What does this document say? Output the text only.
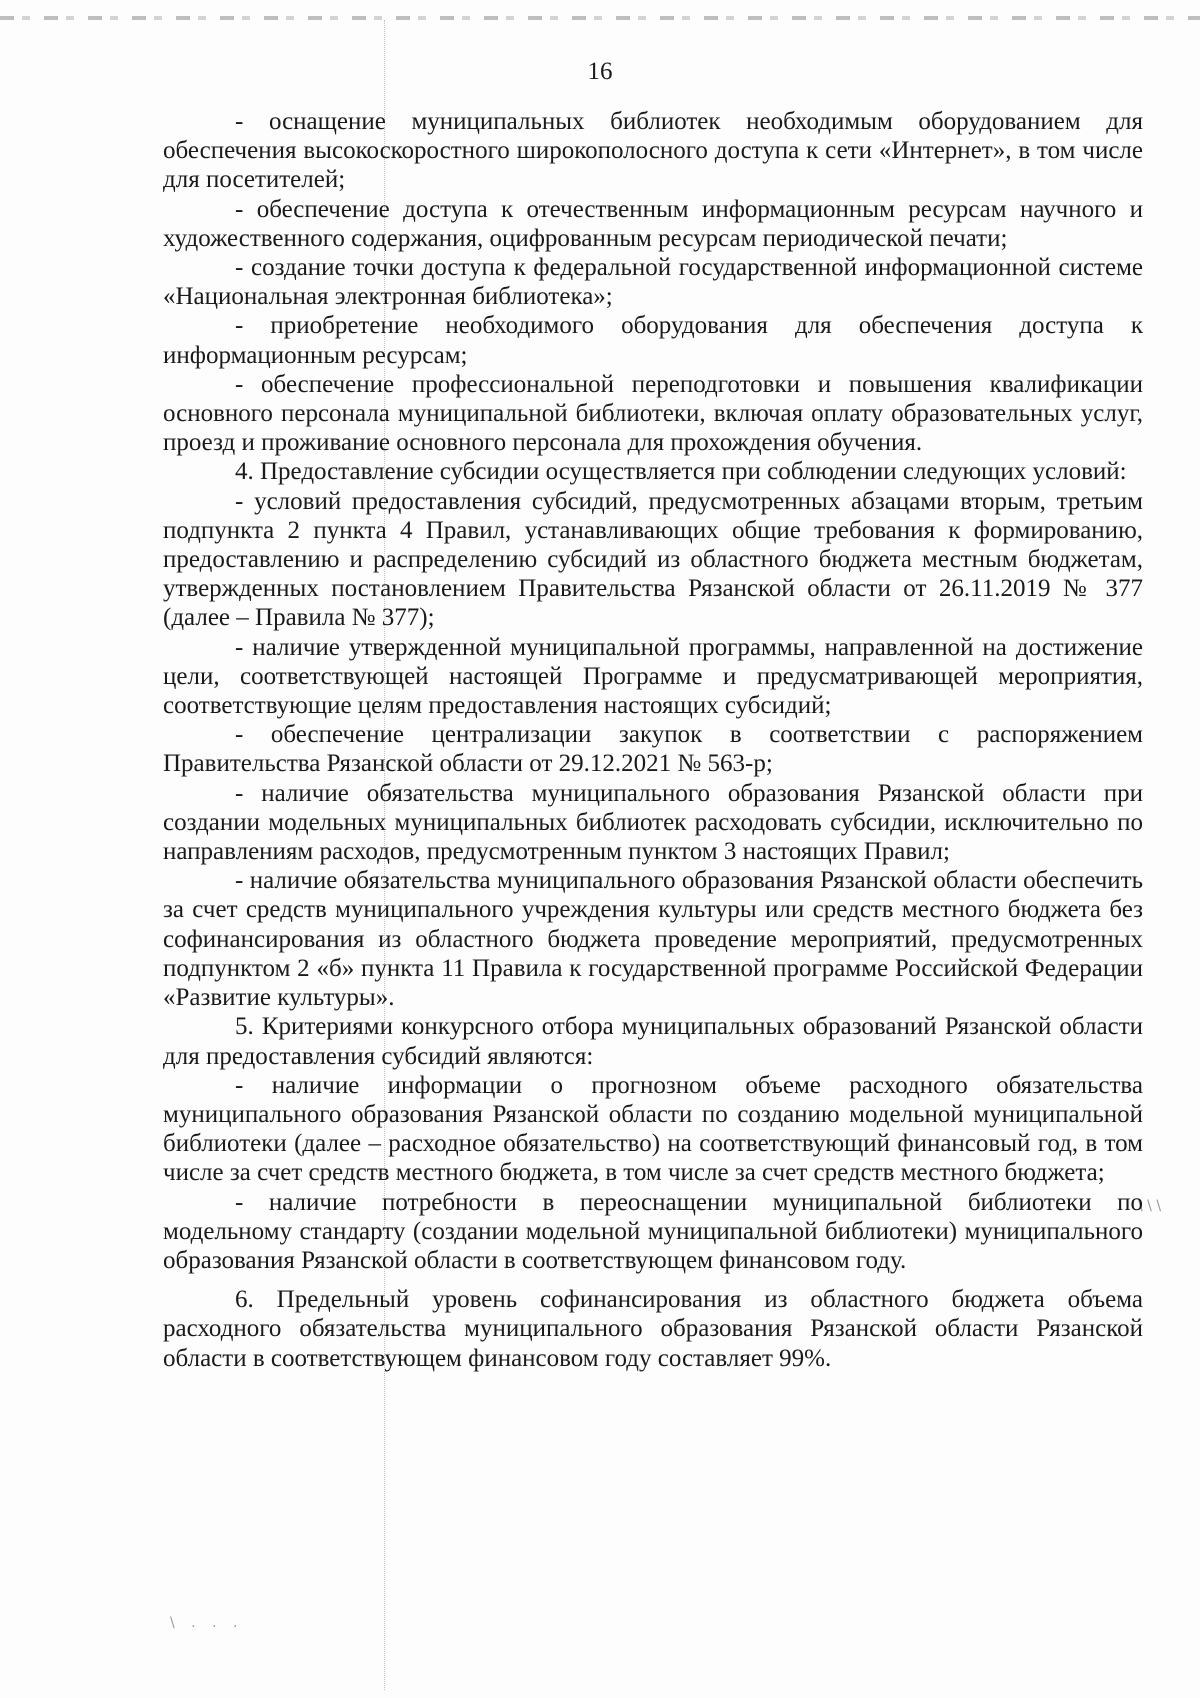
\ . . .
\ \ \
16

- оснащение муниципальных библиотек необходимым оборудованием для обеспечения высокоскоростного широкополосного доступа к сети «Интернет», в том числе для посетителей;

- обеспечение доступа к отечественным информационным ресурсам научного и художественного содержания, оцифрованным ресурсам периодической печати;

- создание точки доступа к федеральной государственной информационной системе «Национальная электронная библиотека»;

- приобретение необходимого оборудования для обеспечения доступа к информационным ресурсам;

- обеспечение профессиональной переподготовки и повышения квалификации основного персонала муниципальной библиотеки, включая оплату образовательных услуг, проезд и проживание основного персонала для прохождения обучения.

4. Предоставление субсидии осуществляется при соблюдении следующих условий:

- условий предоставления субсидий, предусмотренных абзацами вторым, третьим подпункта 2 пункта 4 Правил, устанавливающих общие требования к формированию, предоставлению и распределению субсидий из областного бюджета местным бюджетам, утвержденных постановлением Правительства Рязанской области от 26.11.2019 № 377 (далее – Правила № 377);

- наличие утвержденной муниципальной программы, направленной на достижение цели, соответствующей настоящей Программе и предусматривающей мероприятия, соответствующие целям предоставления настоящих субсидий;

- обеспечение централизации закупок в соответствии с распоряжением Правительства Рязанской области от 29.12.2021 № 563-р;

- наличие обязательства муниципального образования Рязанской области при создании модельных муниципальных библиотек расходовать субсидии, исключительно по направлениям расходов, предусмотренным пунктом 3 настоящих Правил;

- наличие обязательства муниципального образования Рязанской области обеспечить за счет средств муниципального учреждения культуры или средств местного бюджета без софинансирования из областного бюджета проведение мероприятий, предусмотренных подпунктом 2 «б» пункта 11 Правила к государственной программе Российской Федерации «Развитие культуры».

5. Критериями конкурсного отбора муниципальных образований Рязанской области для предоставления субсидий являются:

- наличие информации о прогнозном объеме расходного обязательства муниципального образования Рязанской области по созданию модельной муниципальной библиотеки (далее – расходное обязательство) на соответствующий финансовый год, в том числе за счет средств местного бюджета, в том числе за счет средств местного бюджета;

- наличие потребности в переоснащении муниципальной библиотеки по модельному стандарту (создании модельной муниципальной библиотеки) муниципального образования Рязанской области в соответствующем финансовом году.

6. Предельный уровень софинансирования из областного бюджета объема расходного обязательства муниципального образования Рязанской области Рязанской области в соответствующем финансовом году составляет 99%.
